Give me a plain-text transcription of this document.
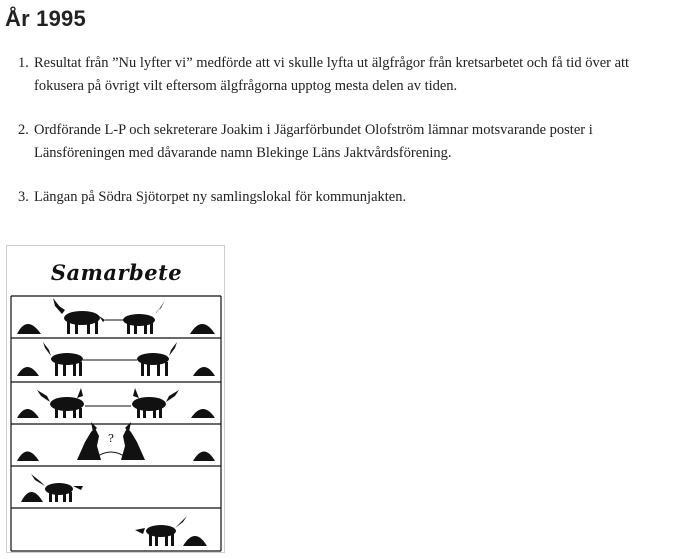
År 1995
Resultat från ”Nu lyfter vi” medförde att vi skulle lyfta ut älgfrågor från kretsarbetet och få tid över att fokusera på övrigt vilt eftersom älgfrågorna upptog mesta delen av tiden.
Ordförande L-P och sekreterare Joakim i Jägarförbundet Olofström lämnar motsvarande poster i Länsföreningen med dåvarande namn Blekinge Läns Jaktvårdsförening.
Längan på Södra Sjötorpet ny samlingslokal för kommunjakten.
Samarbete
?
